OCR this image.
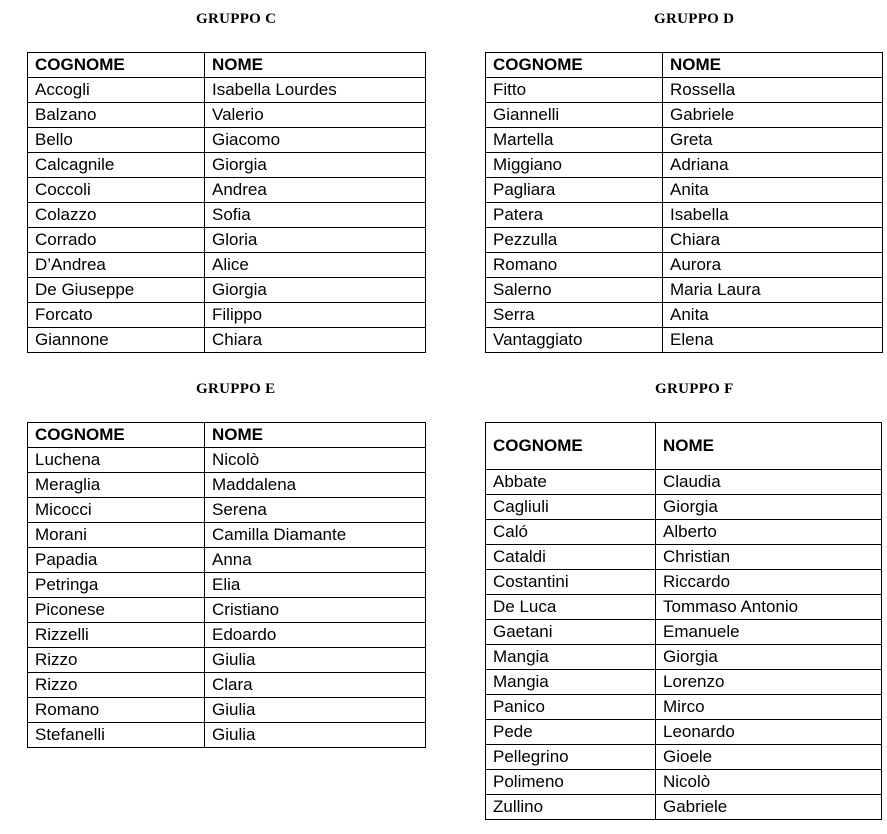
GRUPPO C
COGNOME	NOME
Accogli	Isabella Lourdes
Balzano	Valerio
Bello	Giacomo
Calcagnile	Giorgia
Coccoli	Andrea
Colazzo	Sofia
Corrado	Gloria
D’Andrea	Alice
De Giuseppe	Giorgia
Forcato	Filippo
Giannone	Chiara
GRUPPO D
COGNOME	NOME
Fitto	Rossella
Giannelli	Gabriele
Martella	Greta
Miggiano	Adriana
Pagliara	Anita
Patera	Isabella
Pezzulla	Chiara
Romano	Aurora
Salerno	Maria Laura
Serra	Anita
Vantaggiato	Elena
GRUPPO E
COGNOME	NOME
Luchena	Nicolò
Meraglia	Maddalena
Micocci	Serena
Morani	Camilla Diamante
Papadia	Anna
Petringa	Elia
Piconese	Cristiano
Rizzelli	Edoardo
Rizzo	Giulia
Rizzo	Clara
Romano	Giulia
Stefanelli	Giulia
GRUPPO F
COGNOME	NOME
Abbate	Claudia
Cagliuli	Giorgia
Caló	Alberto
Cataldi	Christian
Costantini	Riccardo
De Luca	Tommaso Antonio
Gaetani	Emanuele
Mangia	Giorgia
Mangia	Lorenzo
Panico	Mirco
Pede	Leonardo
Pellegrino	Gioele
Polimeno	Nicolò
Zullino	Gabriele
